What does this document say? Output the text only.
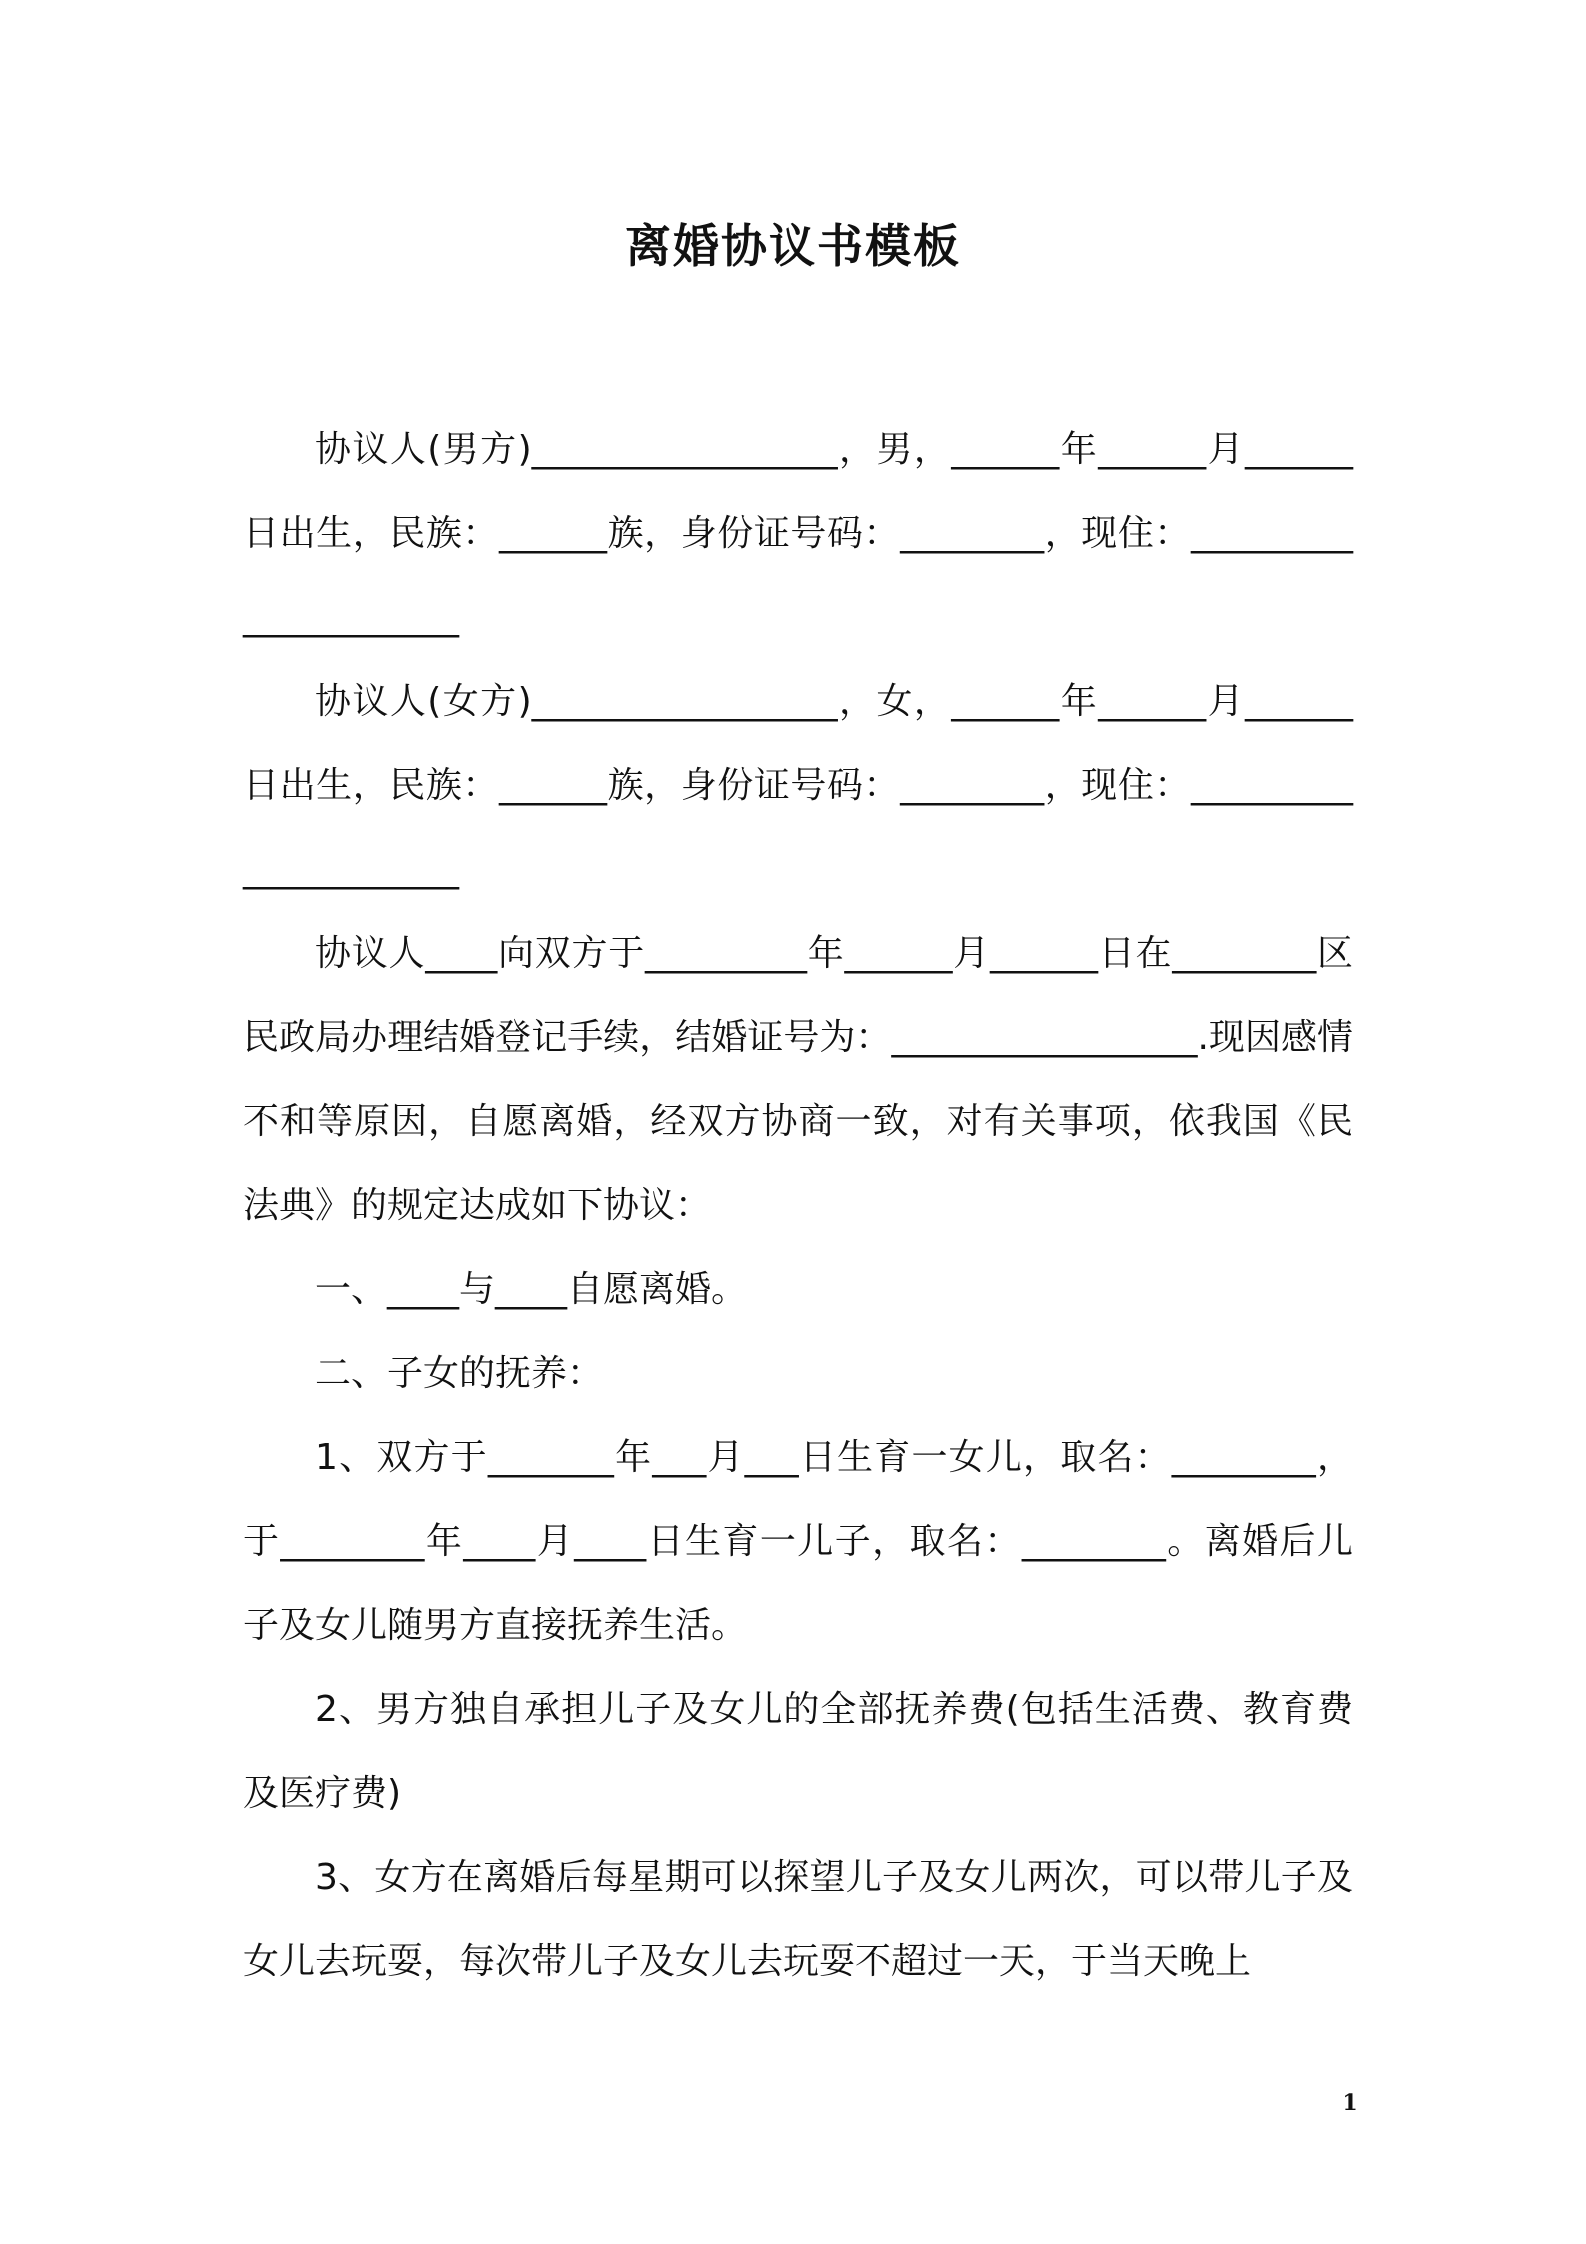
离婚协议书模板

协议人(男方)_________________，男，______年______月______日出生，民族：______族，身份证号码：________，现住：_____________________

协议人(女方)_________________，女，______年______月______日出生，民族：______族，身份证号码：________，现住：_____________________

协议人____向双方于_________年______月______日在________区民政局办理结婚登记手续，结婚证号为：_________________.现因感情不和等原因，自愿离婚，经双方协商一致，对有关事项，依我国《民法典》的规定达成如下协议：

一、____与____自愿离婚。

二、子女的抚养：

1、双方于_______年___月___日生育一女儿，取名：________，于________年____月____日生育一儿子，取名：________。离婚后儿子及女儿随男方直接抚养生活。

2、男方独自承担儿子及女儿的全部抚养费(包括生活费、教育费及医疗费)

3、女方在离婚后每星期可以探望儿子及女儿两次，可以带儿子及女儿去玩耍，每次带儿子及女儿去玩耍不超过一天，于当天晚上

1
